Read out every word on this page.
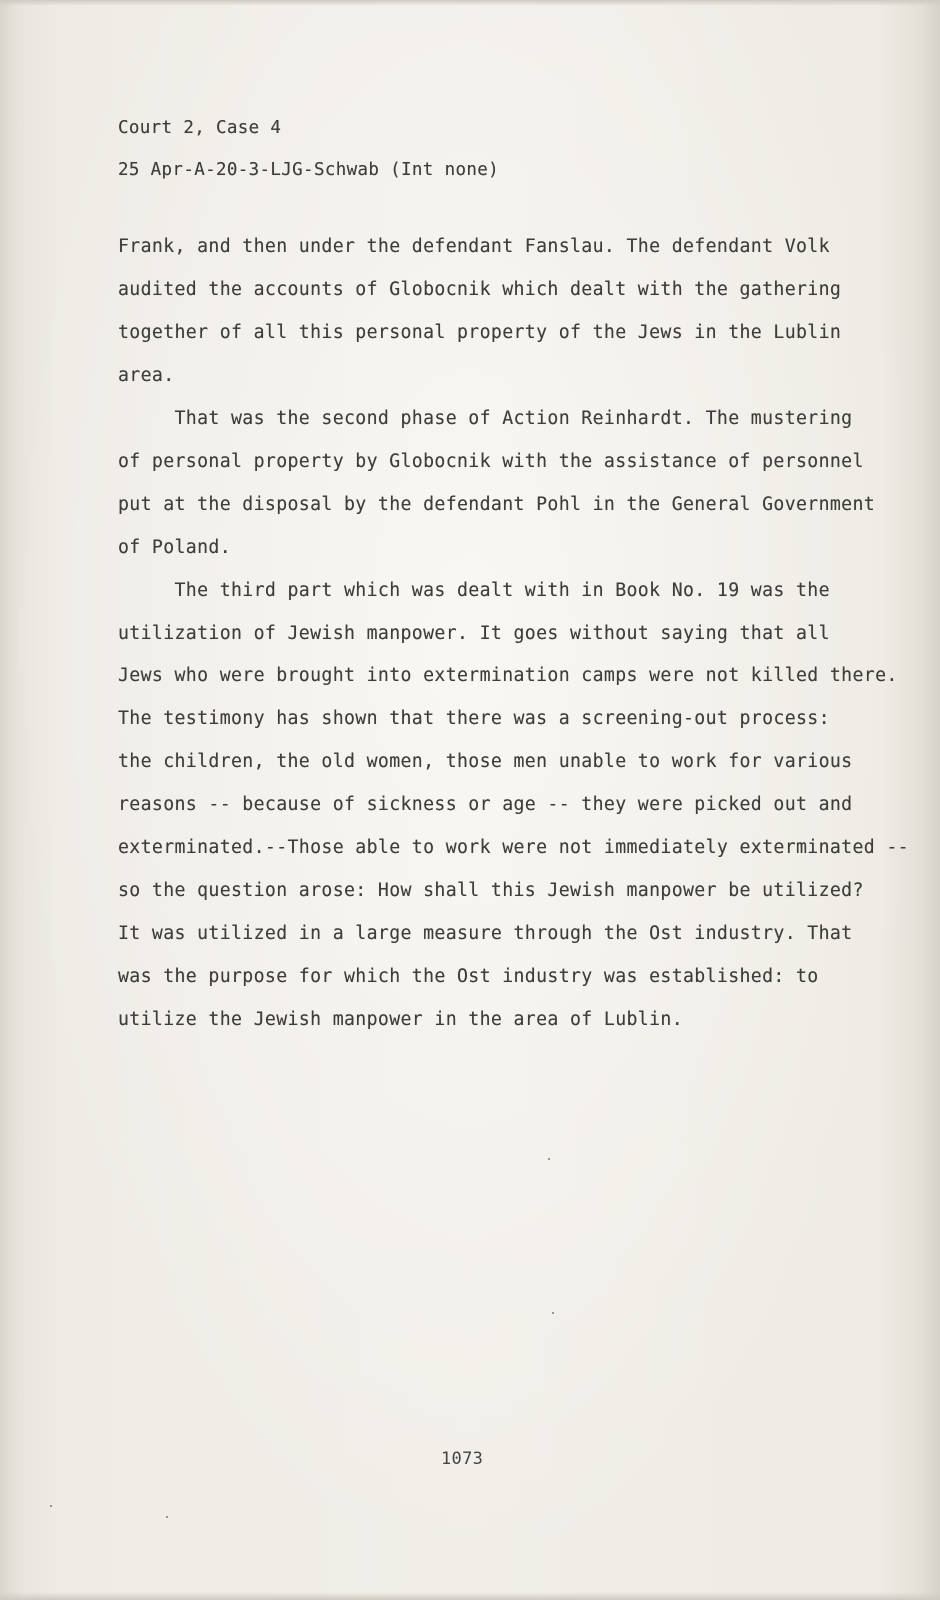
Court 2, Case 4
25 Apr-A-20-3-LJG-Schwab (Int none)
Frank, and then under the defendant Fanslau. The defendant Volk
audited the accounts of Globocnik which dealt with the gathering
together of all this personal property of the Jews in the Lublin
area.
That was the second phase of Action Reinhardt. The mustering
of personal property by Globocnik with the assistance of personnel
put at the disposal by the defendant Pohl in the General Government
of Poland.
The third part which was dealt with in Book No. 19 was the
utilization of Jewish manpower. It goes without saying that all
Jews who were brought into extermination camps were not killed there.
The testimony has shown that there was a screening-out process:
the children, the old women, those men unable to work for various
reasons -- because of sickness or age -- they were picked out and
exterminated.--Those able to work were not immediately exterminated --
so the question arose: How shall this Jewish manpower be utilized?
It was utilized in a large measure through the Ost industry. That
was the purpose for which the Ost industry was established: to
utilize the Jewish manpower in the area of Lublin.
1073
